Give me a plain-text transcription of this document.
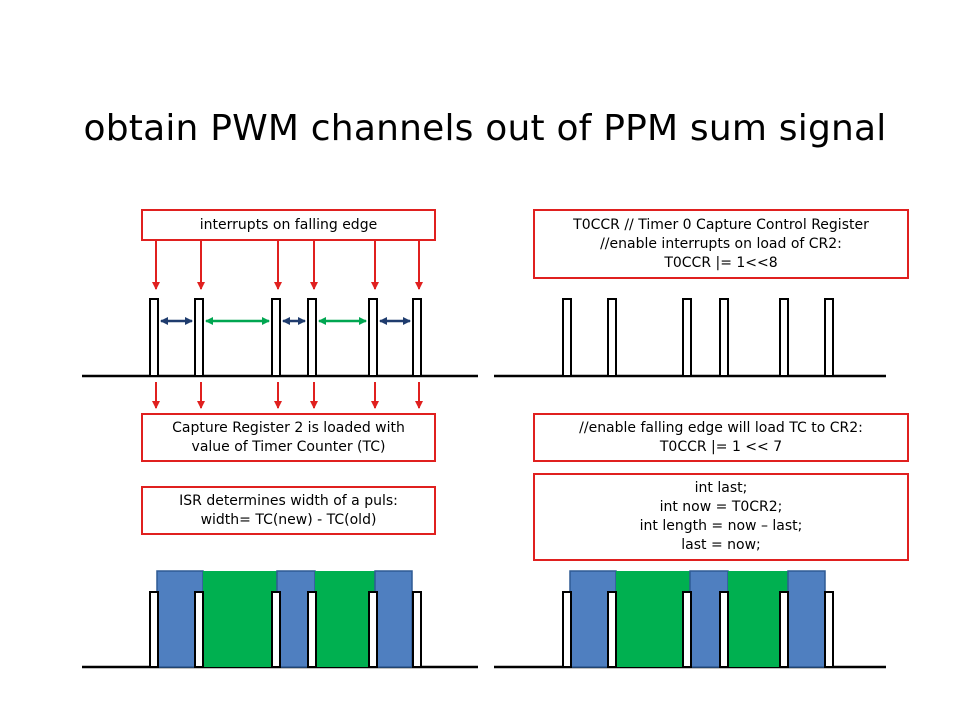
obtain PWM channels out of PPM sum signal
interrupts on falling edge
Capture Register 2 is loaded with
value of Timer Counter (TC)
ISR determines width of a puls:
width= TC(new) - TC(old)
T0CCR // Timer 0 Capture Control Register
//enable interrupts on load of CR2:
T0CCR |= 1<<8
//enable falling edge will load TC to CR2:
T0CCR |= 1 << 7
int last;
int now = T0CR2;
int length = now – last;
last = now;
